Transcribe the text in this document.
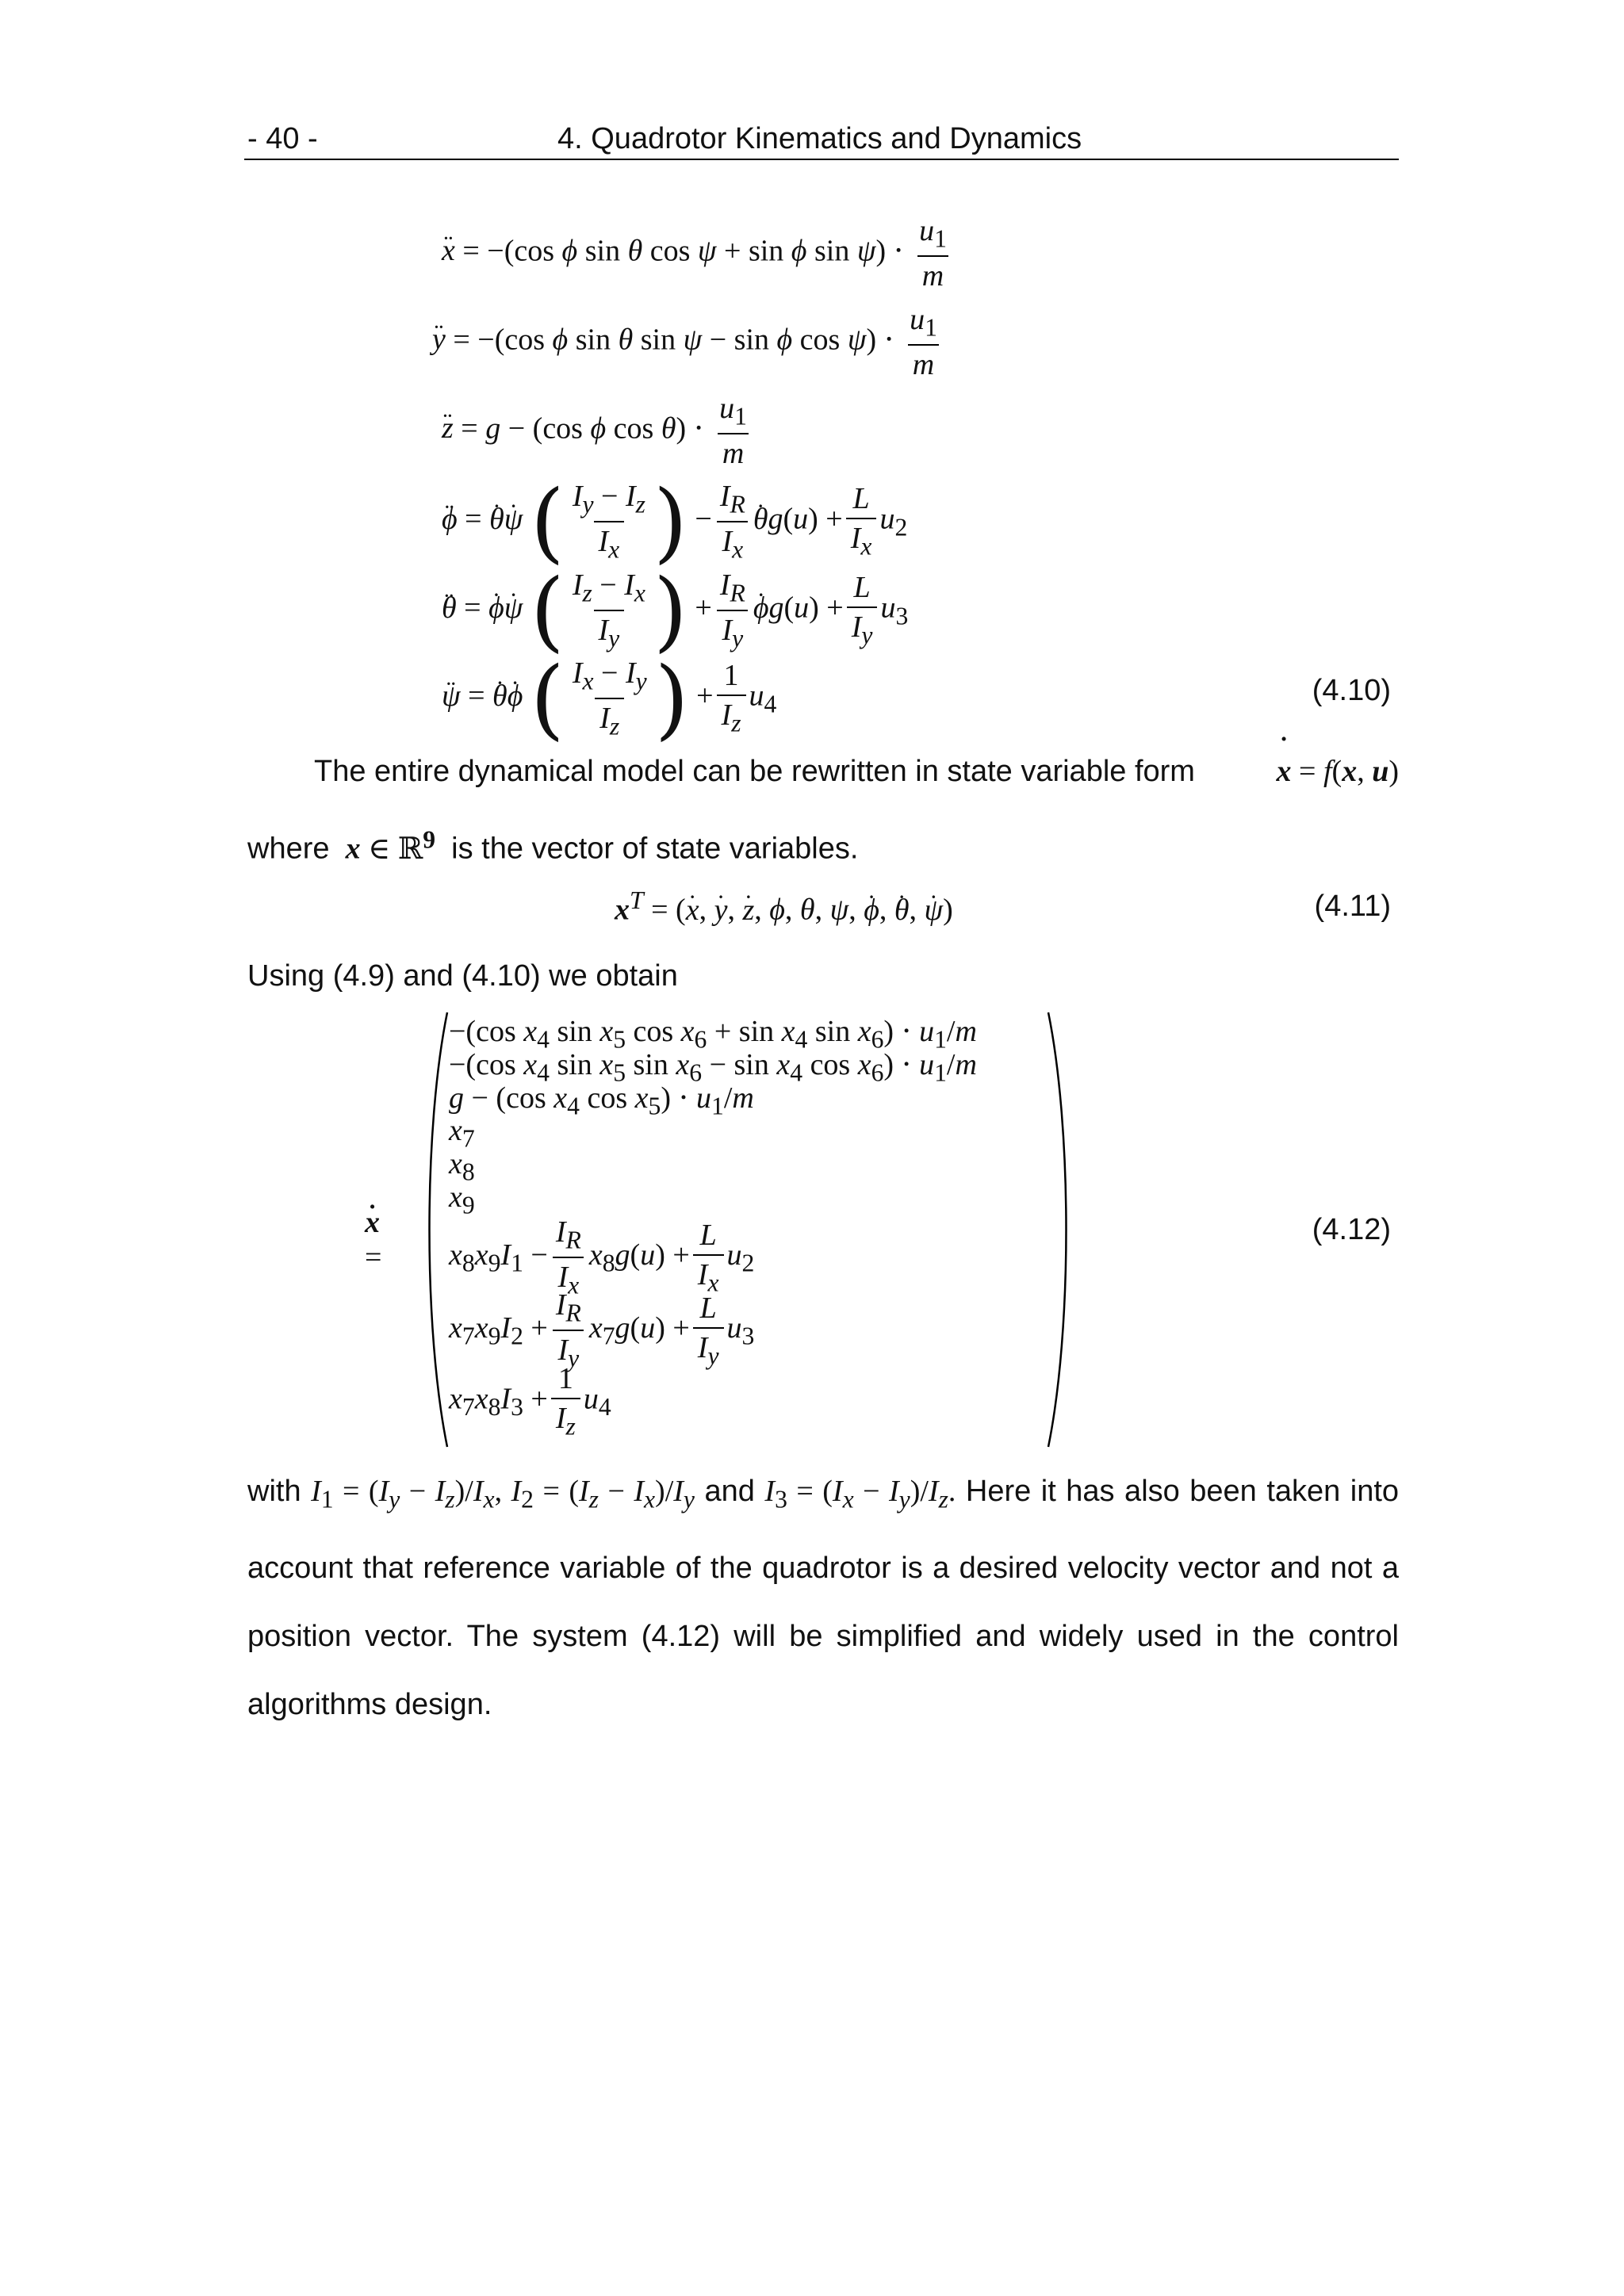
- 40 -	4. Quadrotor Kinematics and Dynamics
¨ x = −(cos ϕ sin θ cos ψ + sin ϕ $\sin \psi) \cdot \frac{u_1}{m}$
¨ y = −(cos ϕ sin θ sin ψ − sin ϕ $\cos \psi) \cdot \frac{u_1}{m}$
¨ z = g − (cos ϕ $\cos \theta) \cdot \frac{u_1}{m}$
¨ ϕ = ˙ θ˙ ψ ( $\frac{I_y - I_z}{I_x}$ ) − $\frac{I_R}{I_x}$ ˙ $\theta g(u) + \frac{L}{I_x} u_2$
¨ θ = ˙ ϕ˙ ψ ( $\frac{I_z - I_x}{I_y}$ ) + $\frac{I_R}{I_y}$ ˙ $\phi g(u) + \frac{L}{I_y} u_3$
¨ ψ = ˙ θ˙ ϕ ( $\frac{I_x - I_y}{I_z}$ ) + $\frac{1}{I_z} u_4$	(4.10)
The entire dynamical model can be rewritten in state variable form	˙ x = f(x, u)
where x ∈ ℝ$^9$ is the vector of state variables.
$x^T$ = (˙ x, ˙ y, ˙ z, ϕ, θ, ψ, ˙ ϕ, ˙ θ, ˙ ψ)	(4.11)
Using (4.9) and (4.10) we obtain
˙ x =
−(cos $x_4$ $\sin x_5$ $\cos x_6 + \sin x_4$ $\sin x_6) \cdot u_1/m$
−(cos $x_4$ $\sin x_5$ $\sin x_6 - \sin x_4$ $\cos x_6) \cdot u_1/m$
g − (cos $x_4$ $\cos x_5) \cdot u_1/m$
$x_7$
$x_8$
$x_9$
$x_8x_9I_1 - \frac{I_R}{I_x} x_8g(u) + \frac{L}{I_x} u_2$
$x_7x_9I_2 + \frac{I_R}{I_y} x_7g(u) + \frac{L}{I_y} u_3$
$x_7x_8I_3 + \frac{1}{I_z} u_4$
(4.12)
with $I_1 = (I_y - I_z)/I_x$, $I_2 = (I_z - I_x)/I_y$ and $I_3 = (I_x - I_y)/I_z$. Here it has also been taken into account that reference variable of the quadrotor is a desired velocity vector and not a position vector. The system (4.12) will be simplified and widely used in the control algorithms design.
